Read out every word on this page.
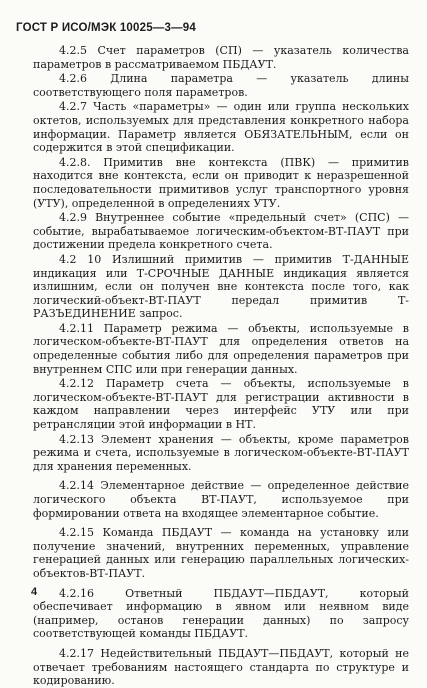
ГОСТ Р ИСО/МЭК 10025—3—94

4.2.5 Счет параметров (СП) — указатель количества параметров в рассматриваемом ПБДАУТ.

4.2.6 Длина параметра — указатель длины соответствующего поля параметров.

4.2.7 Часть «параметры» — один или группа нескольких октетов, используемых для представления конкретного набора информации. Параметр является ОБЯЗАТЕЛЬНЫМ, если он содержится в этой спецификации.

4.2.8. Примитив вне контекста (ПВК) — примитив находится вне контекста, если он приводит к неразрешенной последовательности примитивов услуг транспортного уровня (УТУ), определенной в определениях УТУ.

4.2.9 Внутреннее событие «предельный счет» (СПС) — событие, вырабатываемое логическим-объектом-ВТ-ПАУТ при достижении предела конкретного счета.

4.2 10 Излишний примитив — примитив Т-ДАННЫЕ индикация или Т-СРОЧНЫЕ ДАННЫЕ индикация является излишним, если он получен вне контекста после того, как логический-объект-ВТ-ПАУТ передал примитив Т-РАЗЪЕДИНЕНИЕ запрос.

4.2.11 Параметр режима — объекты, используемые в логическом-объекте-ВТ-ПАУТ для определения ответов на определенные события либо для определения параметров при внутреннем СПС или при генерации данных.

4.2.12 Параметр счета — объекты, используемые в логическом-объекте-ВТ-ПАУТ для регистрации активности в каждом направлении через интерфейс УТУ или при ретрансляции этой информации в НТ.

4.2.13 Элемент хранения — объекты, кроме параметров режима и счета, используемые в логическом-объекте-ВТ-ПАУТ для хранения переменных.

4.2.14 Элементарное действие — определенное действие логического объекта ВТ-ПАУТ, используемое при формировании ответа на входящее элементарное событие.

4.2.15 Команда ПБДАУТ — команда на установку или получение значений, внутренних переменных, управление генерацией данных или генерацию параллельных логических-объектов-ВТ-ПАУТ.

4.2.16 Ответный ПБДАУТ—ПБДАУТ, который обеспечивает информацию в явном или неявном виде (например, останов генерации данных) по запросу соответствующей команды ПБДАУТ.

4.2.17 Недействительный ПБДАУТ—ПБДАУТ, который не отвечает требованиям настоящего стандарта по структуре и кодированию.

4
